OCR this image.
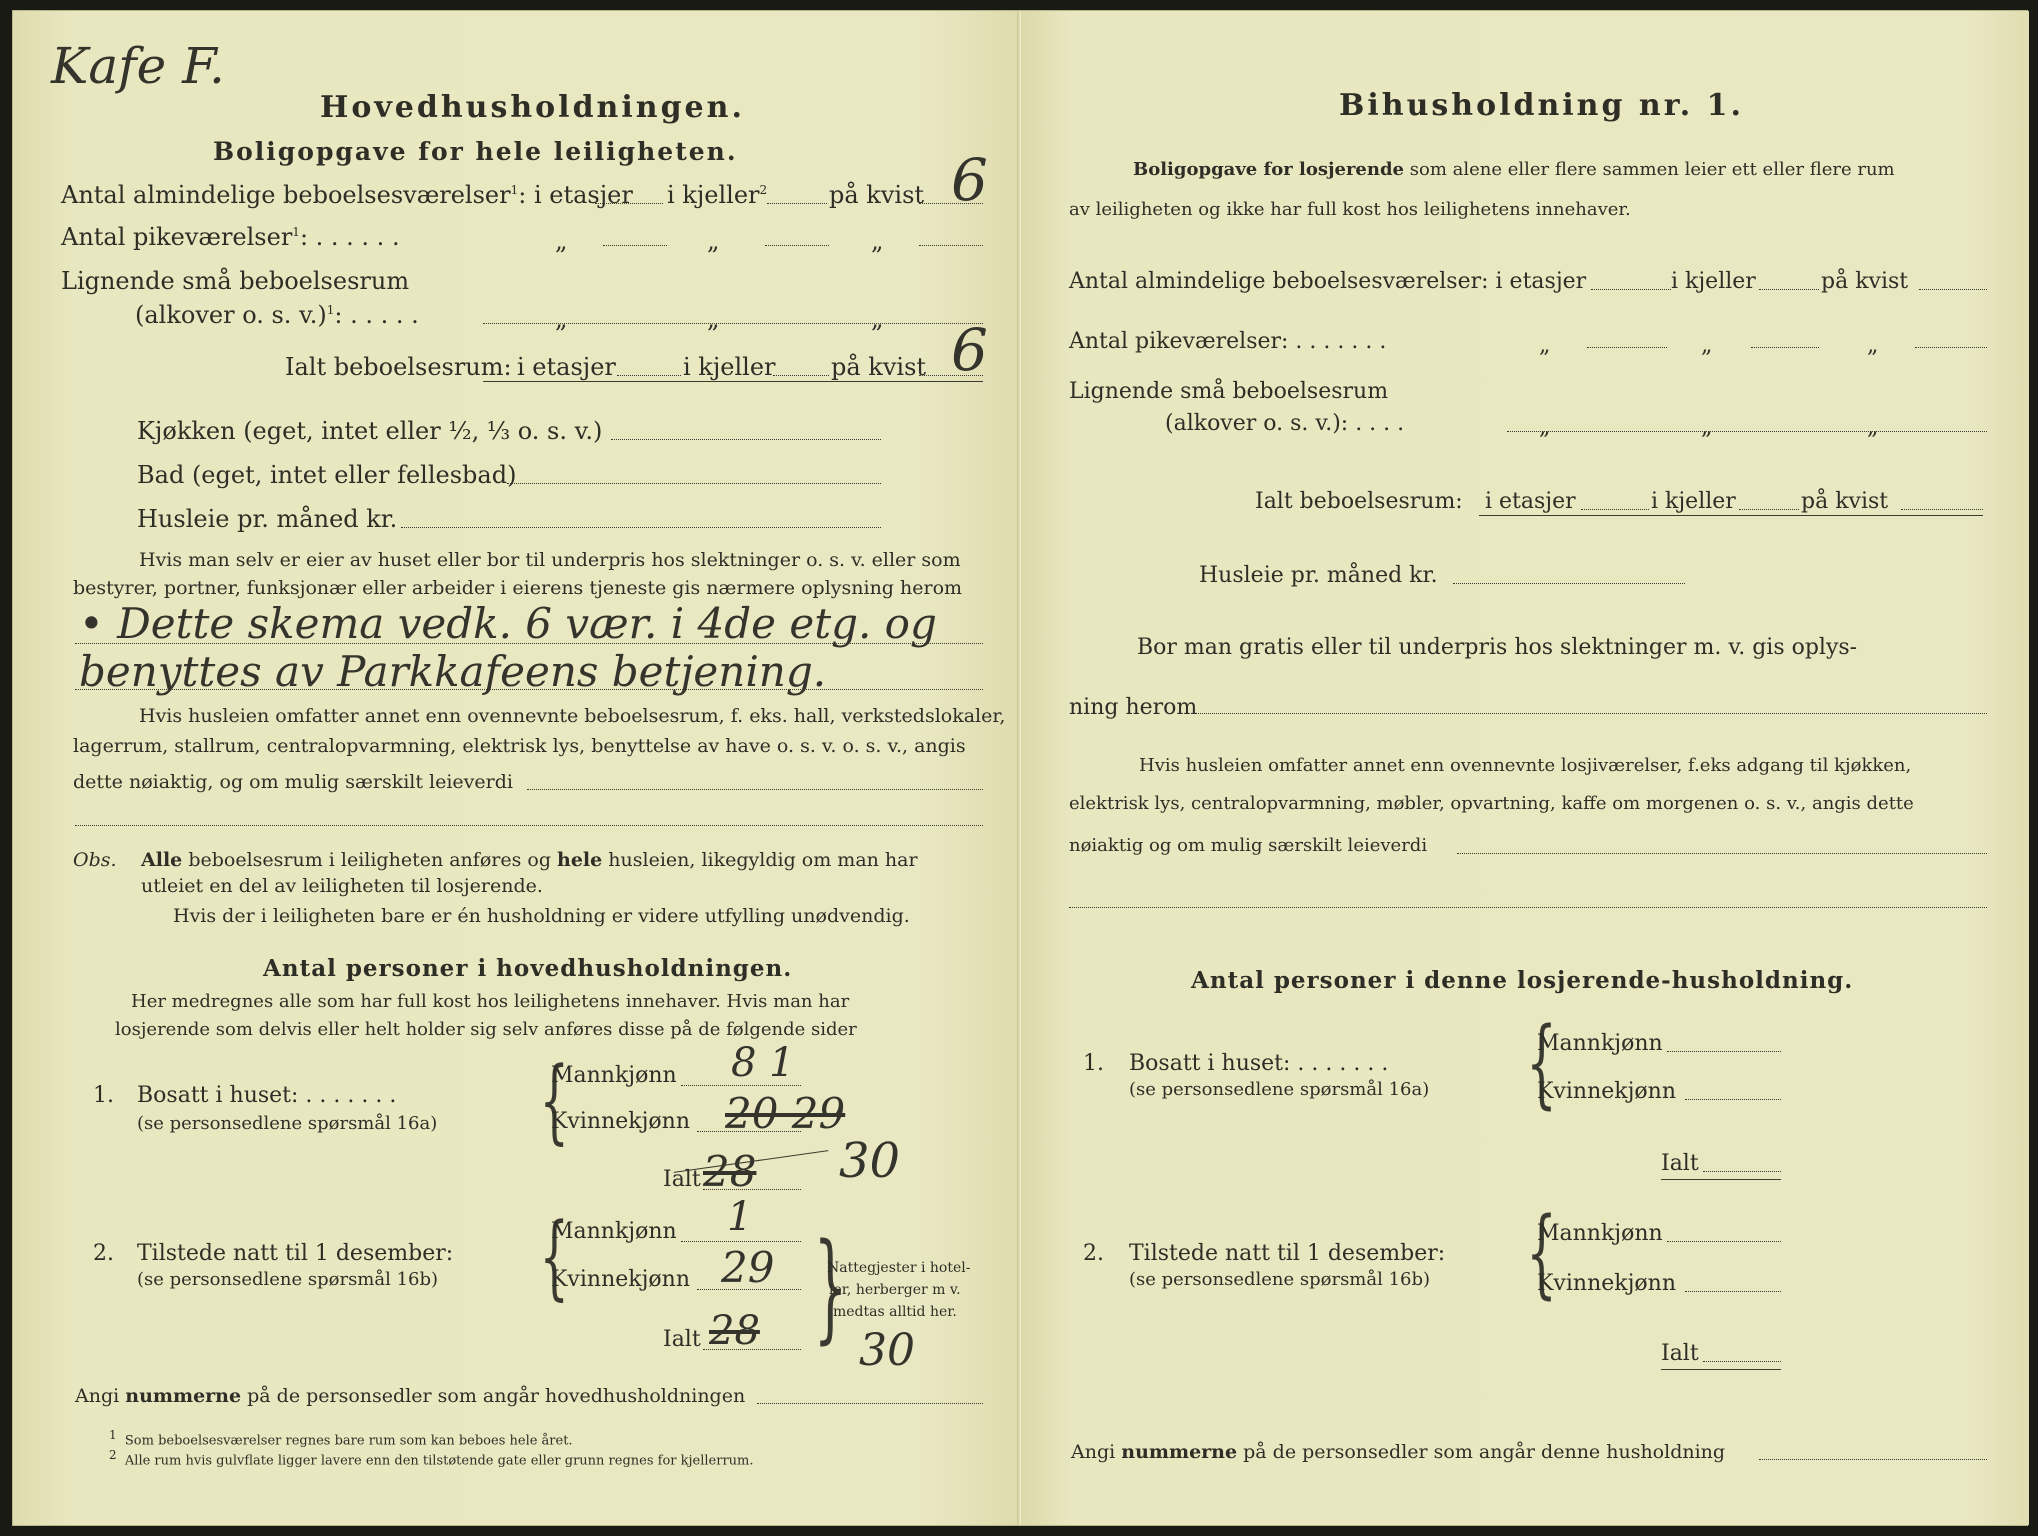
Kafe F.
Hovedhusholdningen.
Boligopgave for hele leiligheten.
Antal almindelige beboelsesværelser$^1$: i etasjer i kjeller$^2$	på kvist 6
Antal pikeværelser$^1$: . . . . . .	„	„	„
Lignende små beboelsesrum
(alkover o. s. v.)$^1$: . . . . .	„	„	„
Ialt beboelsesrum: i etasjer	i kjeller på kvist 6
Kjøkken (eget, intet eller ½, ⅓ o. s. v.)
Bad (eget, intet eller fellesbad)
Husleie pr. måned kr.
Hvis man selv er eier av huset eller bor til underpris hos slektninger o. s. v. eller som
bestyrer, portner, funksjonær eller arbeider i eierens tjeneste gis nærmere oplysning herom
• Dette skema vedk. 6 vær. i 4de etg. og
benyttes av Parkkafeens betjening.
Hvis husleien omfatter annet enn ovennevnte beboelsesrum, f. eks. hall, verkstedslokaler,
lagerrum, stallrum, centralopvarmning, elektrisk lys, benyttelse av have o. s. v. o. s. v., angis
dette nøiaktig, og om mulig særskilt leieverdi
Obs. Alle beboelsesrum i leiligheten anføres og hele husleien, likegyldig om man har
utleiet en del av leiligheten til losjerende.
Hvis der i leiligheten bare er én husholdning er videre utfylling unødvendig.
Antal personer i hovedhusholdningen.
Her medregnes alle som har full kost hos leilighetens innehaver. Hvis man har
losjerende som delvis eller helt holder sig selv anføres disse på de følgende sider
1. Bosatt i huset: . . . . . . .
(se personsedlene spørsmål 16a) {
Mannkjønn 8 1
Kvinnekjønn 20 29
Ialt 28 30
2. Tilstede natt til 1 desember:
(se personsedlene spørsmål 16b) {
Mannkjønn 1
Kvinnekjønn 29
Ialt 28 }
Nattegjester i hotel-
ler, herberger m v.
medtas alltid her.
30
Angi nummerne på de personsedler som angår hovedhusholdningen
1 Som beboelsesværelser regnes bare rum som kan beboes hele året.
2 Alle rum hvis gulvflate ligger lavere enn den tilstøtende gate eller grunn regnes for kjellerrum.
Bihusholdning nr. 1.
Boligopgave for losjerende som alene eller flere sammen leier ett eller flere rum
av leiligheten og ikke har full kost hos leilighetens innehaver.
Antal almindelige beboelsesværelser: i etasjer	i kjeller	på kvist
Antal pikeværelser: . . . . . . .	„	„	„
Lignende små beboelsesrum
(alkover o. s. v.): . . . .	„	„	„
Ialt beboelsesrum: i etasjer	i kjeller	på kvist
Husleie pr. måned kr.
Bor man gratis eller til underpris hos slektninger m. v. gis oplys-
ning herom
Hvis husleien omfatter annet enn ovennevnte losjiværelser, f.eks adgang til kjøkken,
elektrisk lys, centralopvarmning, møbler, opvartning, kaffe om morgenen o. s. v., angis dette
nøiaktig og om mulig særskilt leieverdi
Antal personer i denne losjerende-husholdning.
1. Bosatt i huset: . . . . . . .
(se personsedlene spørsmål 16a) {
Mannkjønn
Kvinnekjønn
Ialt
2. Tilstede natt til 1 desember:
(se personsedlene spørsmål 16b) {
Mannkjønn
Kvinnekjønn
Ialt
Angi nummerne på de personsedler som angår denne husholdning
